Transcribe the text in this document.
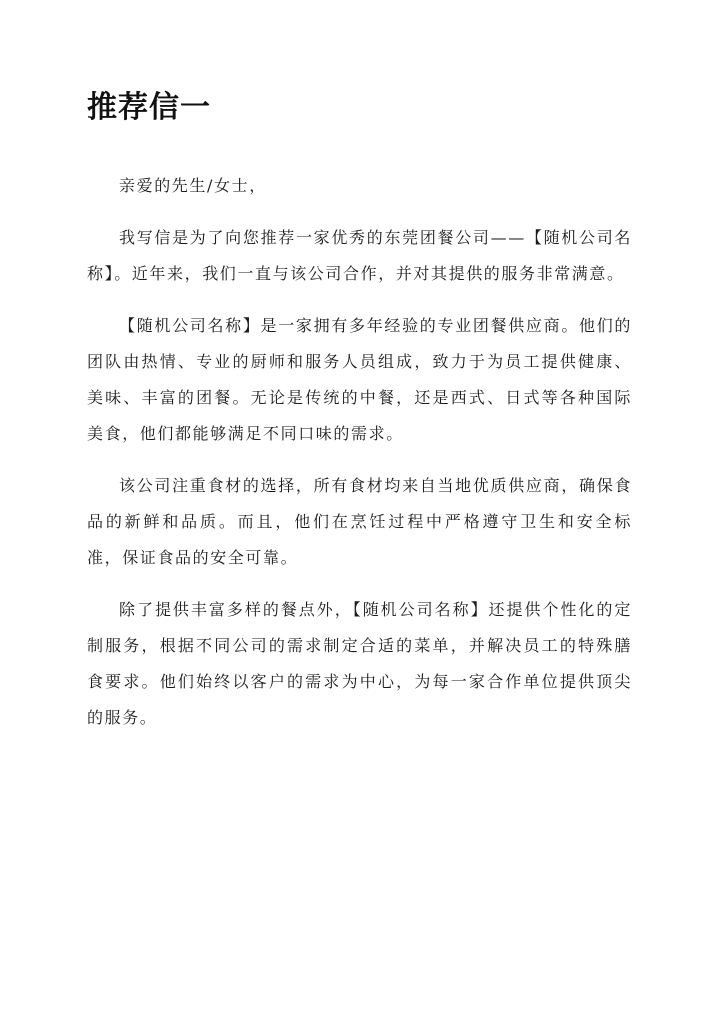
推荐信一

亲爱的先生/女士，

我写信是为了向您推荐一家优秀的东莞团餐公司——【随机公司名称】。近年来，我们一直与该公司合作，并对其提供的服务非常满意。

【随机公司名称】是一家拥有多年经验的专业团餐供应商。他们的团队由热情、专业的厨师和服务人员组成，致力于为员工提供健康、美味、丰富的团餐。无论是传统的中餐，还是西式、日式等各种国际美食，他们都能够满足不同口味的需求。

该公司注重食材的选择，所有食材均来自当地优质供应商，确保食品的新鲜和品质。而且，他们在烹饪过程中严格遵守卫生和安全标准，保证食品的安全可靠。

除了提供丰富多样的餐点外，【随机公司名称】还提供个性化的定制服务，根据不同公司的需求制定合适的菜单，并解决员工的特殊膳食要求。他们始终以客户的需求为中心，为每一家合作单位提供顶尖的服务。
